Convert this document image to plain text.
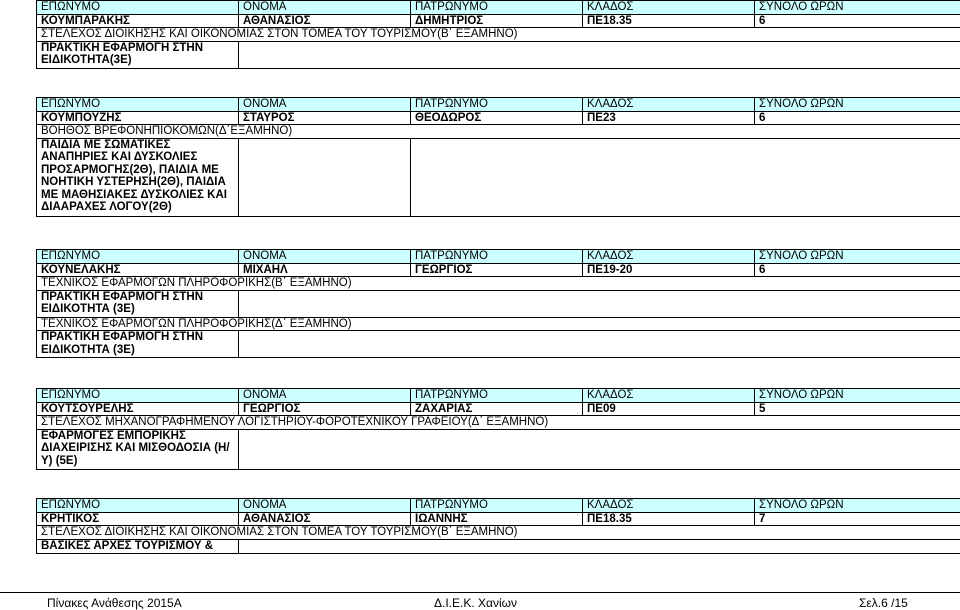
ΕΠΩΝΥΜΟ	ΟΝΟΜΑ	ΠΑΤΡΩΝΥΜΟ	ΚΛΑΔΟΣ	ΣΥΝΟΛΟ ΩΡΩΝ
ΚΟΥΜΠΑΡΑΚΗΣ	ΑΘΑΝΑΣΙΟΣ	ΔΗΜΗΤΡΙΟΣ	ΠΕ18.35	6
ΣΤΕΛΕΧΟΣ ΔΙΟΙΚΗΣΗΣ ΚΑΙ ΟΙΚΟΝΟΜΙΑΣ ΣΤΟΝ ΤΟΜΕΑ ΤΟΥ ΤΟΥΡΙΣΜΟΥ(Β΄ ΕΞΑΜΗΝΟ)				
ΠΡΑΚΤΙΚΗ ΕΦΑΡΜΟΓΗ ΣΤΗΝ ΕΙΔΙΚΟΤΗΤΑ(3Ε)				
ΕΠΩΝΥΜΟ	ΟΝΟΜΑ	ΠΑΤΡΩΝΥΜΟ	ΚΛΑΔΟΣ	ΣΥΝΟΛΟ ΩΡΩΝ
ΚΟΥΜΠΟΥΖΗΣ	ΣΤΑΥΡΟΣ	ΘΕΟΔΩΡΟΣ	ΠΕ23	6
ΒΟΗΘΟΣ ΒΡΕΦΟΝΗΠΙΟΚΟΜΩΝ(Δ΄ΕΞΑΜΗΝΟ)				
ΠΑΙΔΙΑ ΜΕ ΣΩΜΑΤΙΚΕΣ ΑΝΑΠΗΡΙΕΣ ΚΑΙ ΔΥΣΚΟΛΙΕΣ ΠΡΟΣΑΡΜΟΓΗΣ(2Θ), ΠΑΙΔΙΑ ΜΕ ΝΟΗΤΙΚΗ ΥΣΤΕΡΗΣΗ(2Θ), ΠΑΙΔΙΑ ΜΕ ΜΑΘΗΣΙΑΚΕΣ ΔΥΣΚΟΛΙΕΣ ΚΑΙ ΔΙΑΑΡΑΧΕΣ ΛΟΓΟΥ(2Θ)				
ΕΠΩΝΥΜΟ	ΟΝΟΜΑ	ΠΑΤΡΩΝΥΜΟ	ΚΛΑΔΟΣ	ΣΥΝΟΛΟ ΩΡΩΝ
ΚΟΥΝΕΛΑΚΗΣ	ΜΙΧΑΗΛ	ΓΕΩΡΓΙΟΣ	ΠΕ19-20	6
ΤΕΧΝΙΚΟΣ ΕΦΑΡΜΟΓΩΝ ΠΛΗΡΟΦΟΡΙΚΗΣ(Β΄ ΕΞΑΜΗΝΟ)				
ΠΡΑΚΤΙΚΗ ΕΦΑΡΜΟΓΗ ΣΤΗΝ ΕΙΔΙΚΟΤΗΤΑ (3Ε)				
ΤΕΧΝΙΚΟΣ ΕΦΑΡΜΟΓΩΝ ΠΛΗΡΟΦΟΡΙΚΗΣ(Δ΄ ΕΞΑΜΗΝΟ)				
ΠΡΑΚΤΙΚΗ ΕΦΑΡΜΟΓΗ ΣΤΗΝ ΕΙΔΙΚΟΤΗΤΑ (3Ε)				
ΕΠΩΝΥΜΟ	ΟΝΟΜΑ	ΠΑΤΡΩΝΥΜΟ	ΚΛΑΔΟΣ	ΣΥΝΟΛΟ ΩΡΩΝ
ΚΟΥΤΣΟΥΡΕΛΗΣ	ΓΕΩΡΓΙΟΣ	ΖΑΧΑΡΙΑΣ	ΠΕ09	5
ΣΤΕΛΕΧΟΣ ΜΗΧΑΝΟΓΡΑΦΗΜΕΝΟΥ ΛΟΓΙΣΤΗΡΙΟΥ-ΦΟΡΟΤΕΧΝΙΚΟΥ ΓΡΑΦΕΙΟΥ(Δ΄ ΕΞΑΜΗΝΟ)				
ΕΦΑΡΜΟΓΕΣ ΕΜΠΟΡΙΚΗΣ ΔΙΑΧΕΙΡΙΣΗΣ ΚΑΙ ΜΙΣΘΟΔΟΣΙΑ (Η/Υ) (5Ε)				
ΕΠΩΝΥΜΟ	ΟΝΟΜΑ	ΠΑΤΡΩΝΥΜΟ	ΚΛΑΔΟΣ	ΣΥΝΟΛΟ ΩΡΩΝ
ΚΡΗΤΙΚΟΣ	ΑΘΑΝΑΣΙΟΣ	ΙΩΑΝΝΗΣ	ΠΕ18.35	7
ΣΤΕΛΕΧΟΣ ΔΙΟΙΚΗΣΗΣ ΚΑΙ ΟΙΚΟΝΟΜΙΑΣ ΣΤΟΝ ΤΟΜΕΑ ΤΟΥ ΤΟΥΡΙΣΜΟΥ(Β΄ ΕΞΑΜΗΝΟ)				
ΒΑΣΙΚΕΣ ΑΡΧΕΣ ΤΟΥΡΙΣΜΟΥ &				
Πίνακες Ανάθεσης 2015Α	Δ.Ι.Ε.Κ. Χανίων	Σελ.6 /15
